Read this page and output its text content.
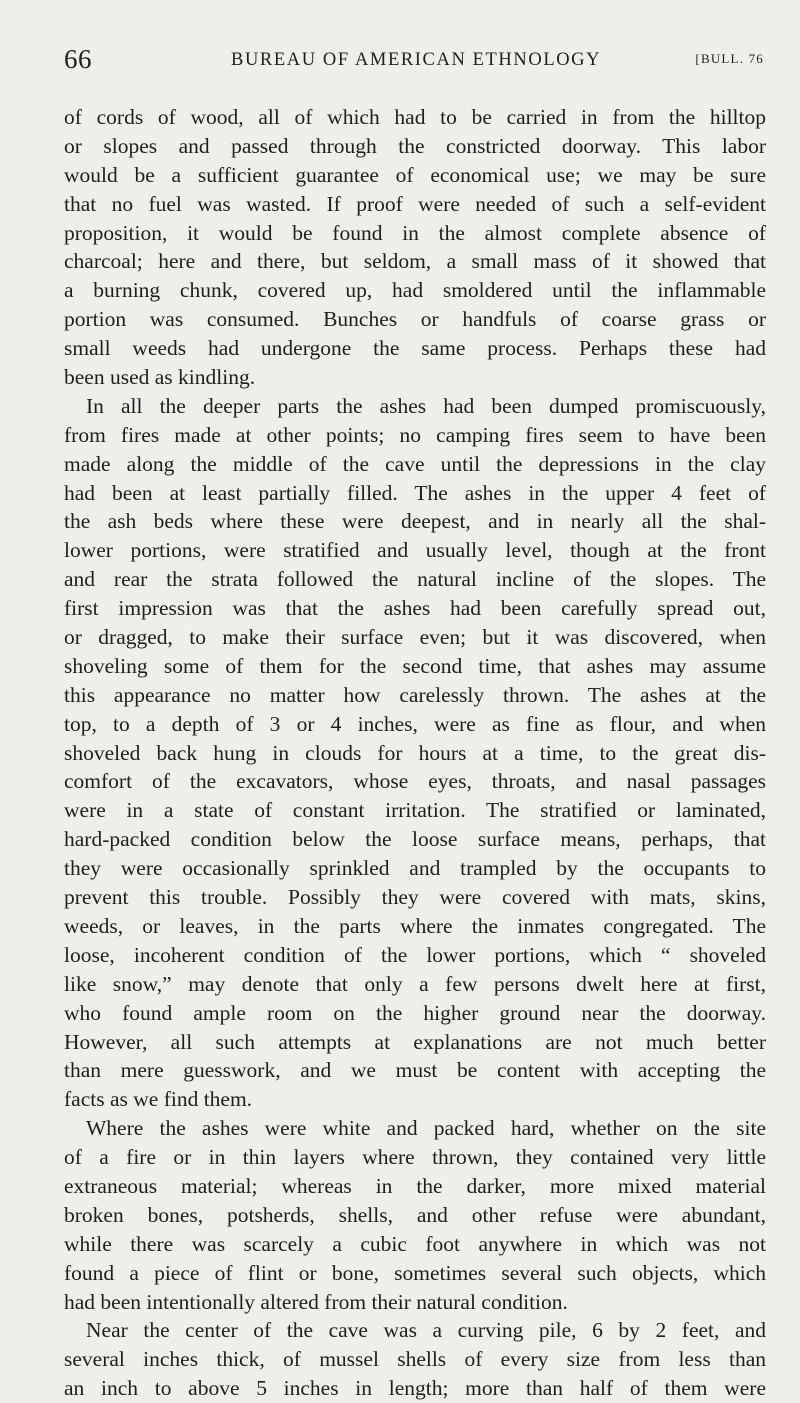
66	BUREAU OF AMERICAN ETHNOLOGY	[BULL. 76
of cords of wood, all of which had to be carried in from the hilltop
or slopes and passed through the constricted doorway. This labor
would be a sufficient guarantee of economical use; we may be sure
that no fuel was wasted. If proof were needed of such a self-evident
proposition, it would be found in the almost complete absence of
charcoal; here and there, but seldom, a small mass of it showed that
a burning chunk, covered up, had smoldered until the inflammable
portion was consumed. Bunches or handfuls of coarse grass or
small weeds had undergone the same process. Perhaps these had
been used as kindling.
In all the deeper parts the ashes had been dumped promiscuously,
from fires made at other points; no camping fires seem to have been
made along the middle of the cave until the depressions in the clay
had been at least partially filled. The ashes in the upper 4 feet of
the ash beds where these were deepest, and in nearly all the shal-
lower portions, were stratified and usually level, though at the front
and rear the strata followed the natural incline of the slopes. The
first impression was that the ashes had been carefully spread out,
or dragged, to make their surface even; but it was discovered, when
shoveling some of them for the second time, that ashes may assume
this appearance no matter how carelessly thrown. The ashes at the
top, to a depth of 3 or 4 inches, were as fine as flour, and when
shoveled back hung in clouds for hours at a time, to the great dis-
comfort of the excavators, whose eyes, throats, and nasal passages
were in a state of constant irritation. The stratified or laminated,
hard-packed condition below the loose surface means, perhaps, that
they were occasionally sprinkled and trampled by the occupants to
prevent this trouble. Possibly they were covered with mats, skins,
weeds, or leaves, in the parts where the inmates congregated. The
loose, incoherent condition of the lower portions, which “ shoveled
like snow,” may denote that only a few persons dwelt here at first,
who found ample room on the higher ground near the doorway.
However, all such attempts at explanations are not much better
than mere guesswork, and we must be content with accepting the
facts as we find them.
Where the ashes were white and packed hard, whether on the site
of a fire or in thin layers where thrown, they contained very little
extraneous material; whereas in the darker, more mixed material
broken bones, potsherds, shells, and other refuse were abundant,
while there was scarcely a cubic foot anywhere in which was not
found a piece of flint or bone, sometimes several such objects, which
had been intentionally altered from their natural condition.
Near the center of the cave was a curving pile, 6 by 2 feet, and
several inches thick, of mussel shells of every size from less than
an inch to above 5 inches in length; more than half of them were
